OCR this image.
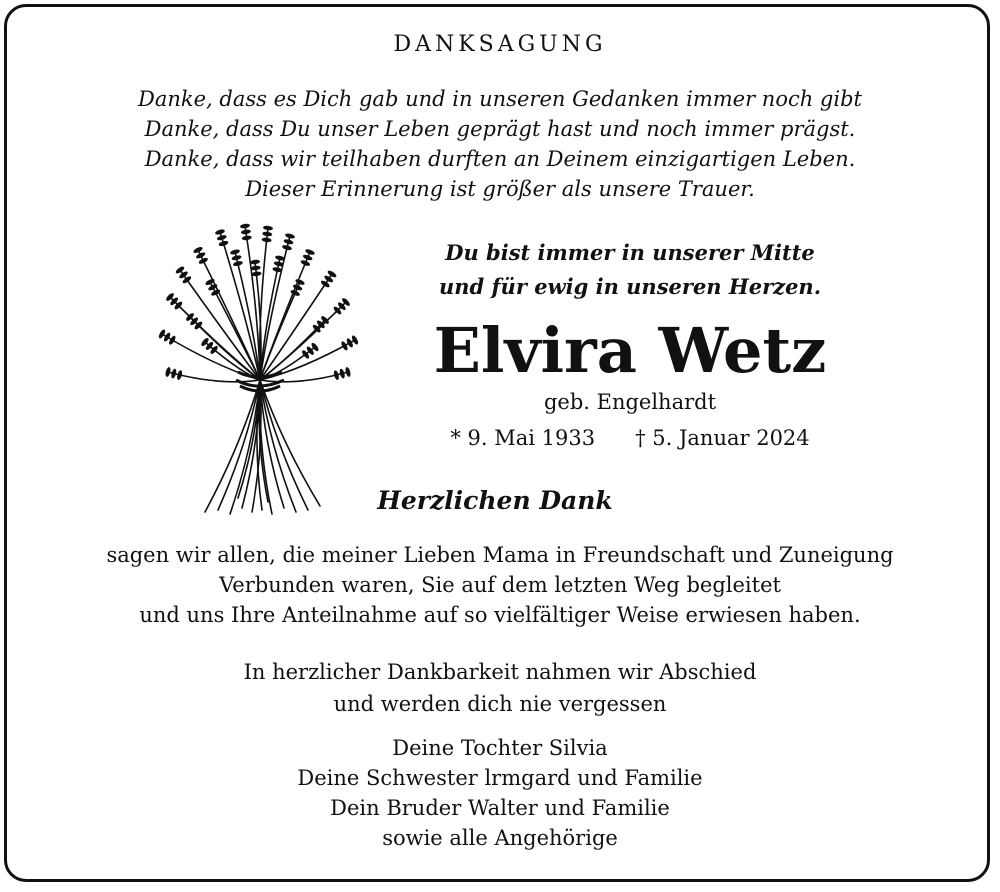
DANKSAGUNG
Danke, dass es Dich gab und in unseren Gedanken immer noch gibt
Danke, dass Du unser Leben geprägt hast und noch immer prägst.
Danke, dass wir teilhaben durften an Deinem einzigartigen Leben.
Dieser Erinnerung ist größer als unsere Trauer.
Du bist immer in unserer Mitte
und für ewig in unseren Herzen.
Elvira Wetz
geb. Engelhardt
* 9. Mai 1933 † 5. Januar 2024
Herzlichen Dank
sagen wir allen, die meiner Lieben Mama in Freundschaft und Zuneigung
Verbunden waren, Sie auf dem letzten Weg begleitet
und uns Ihre Anteilnahme auf so vielfältiger Weise erwiesen haben.
In herzlicher Dankbarkeit nahmen wir Abschied
und werden dich nie vergessen
Deine Tochter Silvia
Deine Schwester lrmgard und Familie
Dein Bruder Walter und Familie
sowie alle Angehörige
